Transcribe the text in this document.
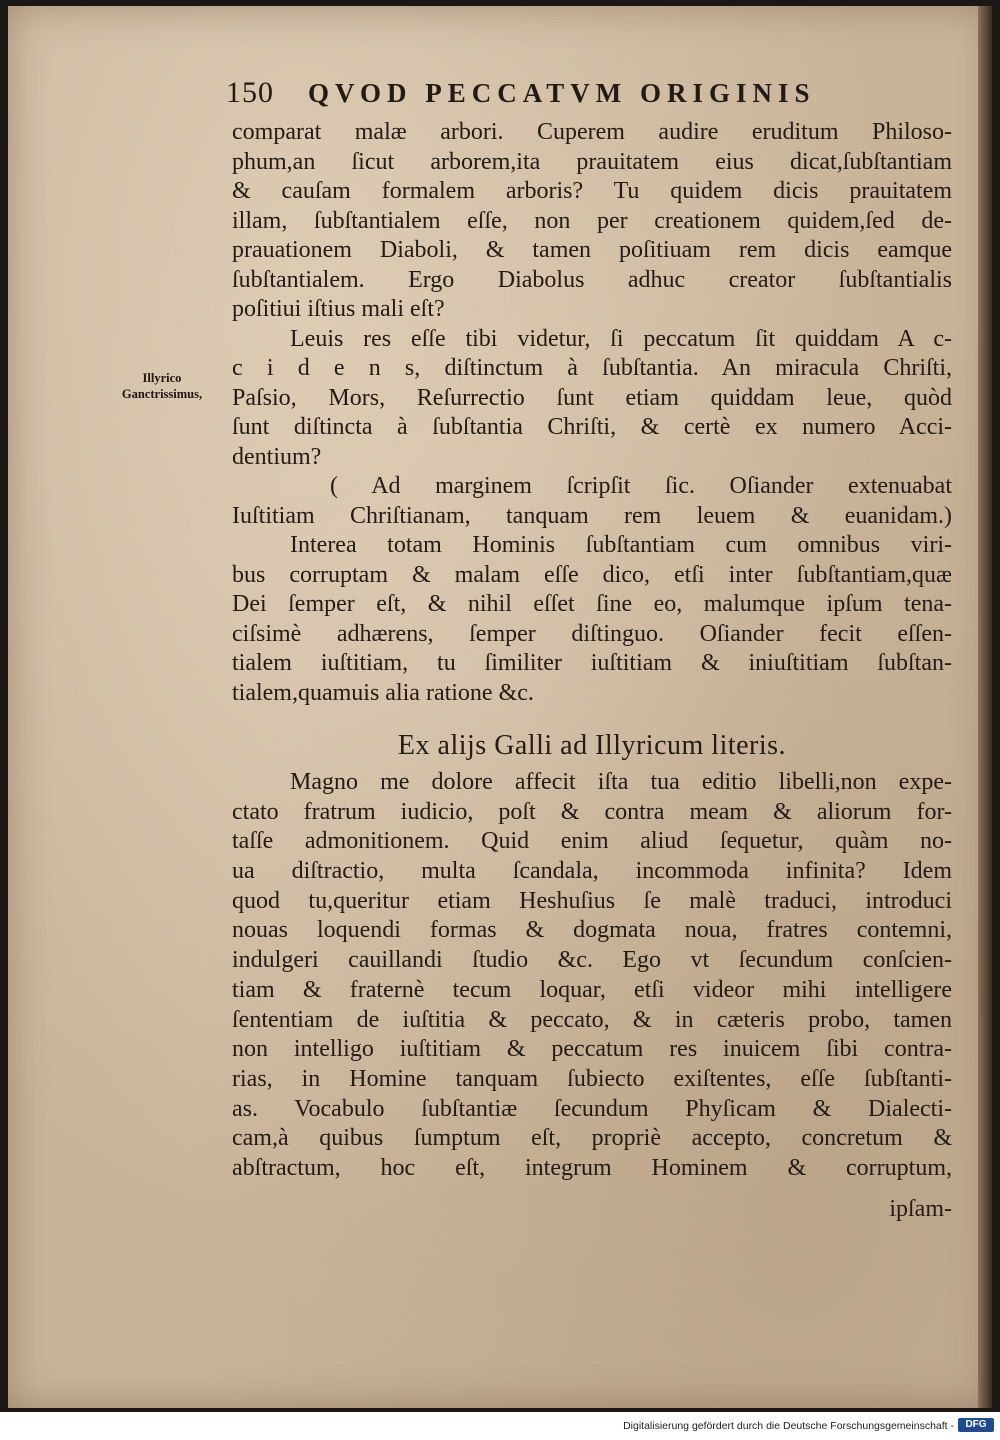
150 QVOD PECCATVM ORIGINIS
Illyrico Ganctrissimus,
comparat malæ arbori. Cuperem audire eruditum Philoso-
phum,an ſicut arborem,ita prauitatem eius dicat,ſubſtantiam
& cauſam formalem arboris? Tu quidem dicis prauitatem
illam, ſubſtantialem eſſe, non per creationem quidem,ſed de-
prauationem Diaboli, & tamen poſitiuam rem dicis eamque
ſubſtantialem. Ergo Diabolus adhuc creator ſubſtantialis
poſitiui iſtius mali eſt?
Leuis res eſſe tibi videtur, ſi peccatum ſit quiddam A c-
c i d e n s, diſtinctum à ſubſtantia. An miracula Chriſti,
Paſsio, Mors, Reſurrectio ſunt etiam quiddam leue, quòd
ſunt diſtincta à ſubſtantia Chriſti, & certè ex numero Acci-
dentium?
( Ad marginem ſcripſit ſic. Oſiander extenuabat
Iuſtitiam Chriſtianam, tanquam rem leuem & euanidam.)
Interea totam Hominis ſubſtantiam cum omnibus viri-
bus corruptam & malam eſſe dico, etſi inter ſubſtantiam,quæ
Dei ſemper eſt, & nihil eſſet ſine eo, malumque ipſum tena-
ciſsimè adhærens, ſemper diſtinguo. Oſiander fecit eſſen-
tialem iuſtitiam, tu ſimiliter iuſtitiam & iniuſtitiam ſubſtan-
tialem,quamuis alia ratione &c.
Ex alijs Galli ad Illyricum literis.
Magno me dolore affecit iſta tua editio libelli,non expe-
ctato fratrum iudicio, poſt & contra meam & aliorum for-
taſſe admonitionem. Quid enim aliud ſequetur, quàm no-
ua diſtractio, multa ſcandala, incommoda infinita? Idem
quod tu,queritur etiam Heshuſius ſe malè traduci, introduci
nouas loquendi formas & dogmata noua, fratres contemni,
indulgeri cauillandi ſtudio &c. Ego vt ſecundum conſcien-
tiam & fraternè tecum loquar, etſi videor mihi intelligere
ſententiam de iuſtitia & peccato, & in cæteris probo, tamen
non intelligo iuſtitiam & peccatum res inuicem ſibi contra-
rias, in Homine tanquam ſubiecto exiſtentes, eſſe ſubſtanti-
as. Vocabulo ſubſtantiæ ſecundum Phyſicam & Dialecti-
cam,à quibus ſumptum eſt, propriè accepto, concretum &
abſtractum, hoc eſt, integrum Hominem & corruptum,
ipſam-
Digitalisierung gefördert durch die Deutsche Forschungsgemeinschaft -	DFG
